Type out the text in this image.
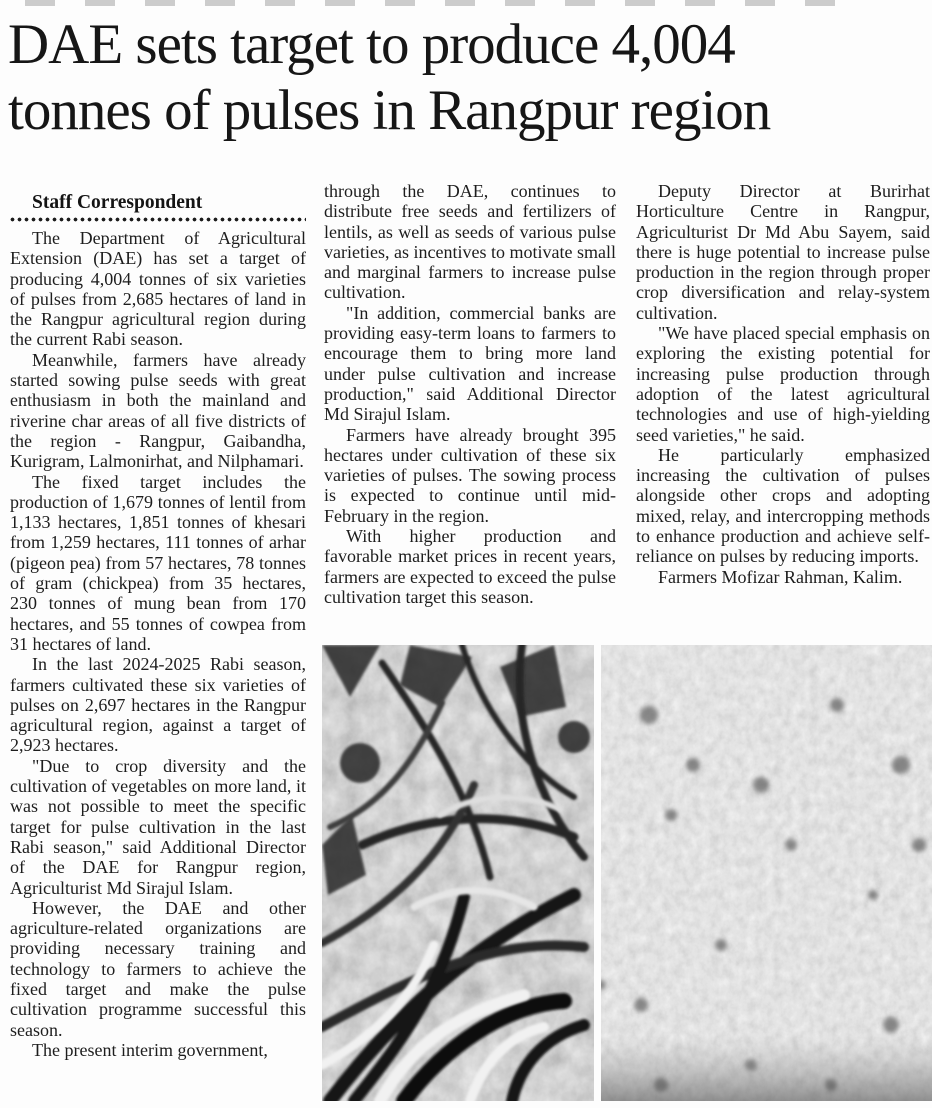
DAE sets target to produce 4,004
tonnes of pulses in Rangpur region

Staff Correspondent

The Department of Agricultural Extension (DAE) has set a target of producing 4,004 tonnes of six varieties of pulses from 2,685 hectares of land in the Rangpur agricultural region during the current Rabi season.

Meanwhile, farmers have already started sowing pulse seeds with great enthusiasm in both the mainland and riverine char areas of all five districts of the region - Rangpur, Gaibandha, Kurigram, Lalmonirhat, and Nilphamari.

The fixed target includes the production of 1,679 tonnes of lentil from 1,133 hectares, 1,851 tonnes of khesari from 1,259 hectares, 111 tonnes of arhar (pigeon pea) from 57 hectares, 78 tonnes of gram (chickpea) from 35 hectares, 230 tonnes of mung bean from 170 hectares, and 55 tonnes of cowpea from 31 hectares of land.

In the last 2024-2025 Rabi season, farmers cultivated these six varieties of pulses on 2,697 hectares in the Rangpur agricultural region, against a target of 2,923 hectares.

"Due to crop diversity and the cultivation of vegetables on more land, it was not possible to meet the specific target for pulse cultivation in the last Rabi season," said Additional Director of the DAE for Rangpur region, Agriculturist Md Sirajul Islam.

However, the DAE and other agriculture-related organizations are providing necessary training and technology to farmers to achieve the fixed target and make the pulse cultivation programme successful this season.

The present interim government,

through the DAE, continues to distribute free seeds and fertilizers of lentils, as well as seeds of various pulse varieties, as incentives to motivate small and marginal farmers to increase pulse cultivation.

"In addition, commercial banks are providing easy-term loans to farmers to encourage them to bring more land under pulse cultivation and increase production," said Additional Director Md Sirajul Islam.

Farmers have already brought 395 hectares under cultivation of these six varieties of pulses. The sowing process is expected to continue until mid-February in the region.

With higher production and favorable market prices in recent years, farmers are expected to exceed the pulse cultivation target this season.

Deputy Director at Burirhat Horticulture Centre in Rangpur, Agriculturist Dr Md Abu Sayem, said there is huge potential to increase pulse production in the region through proper crop diversification and relay-system cultivation.

"We have placed special emphasis on exploring the existing potential for increasing pulse production through adoption of the latest agricultural technologies and use of high-yielding seed varieties," he said.

He particularly emphasized increasing the cultivation of pulses alongside other crops and adopting mixed, relay, and intercropping methods to enhance production and achieve self-reliance on pulses by reducing imports.

Farmers Mofizar Rahman, Kalim.
